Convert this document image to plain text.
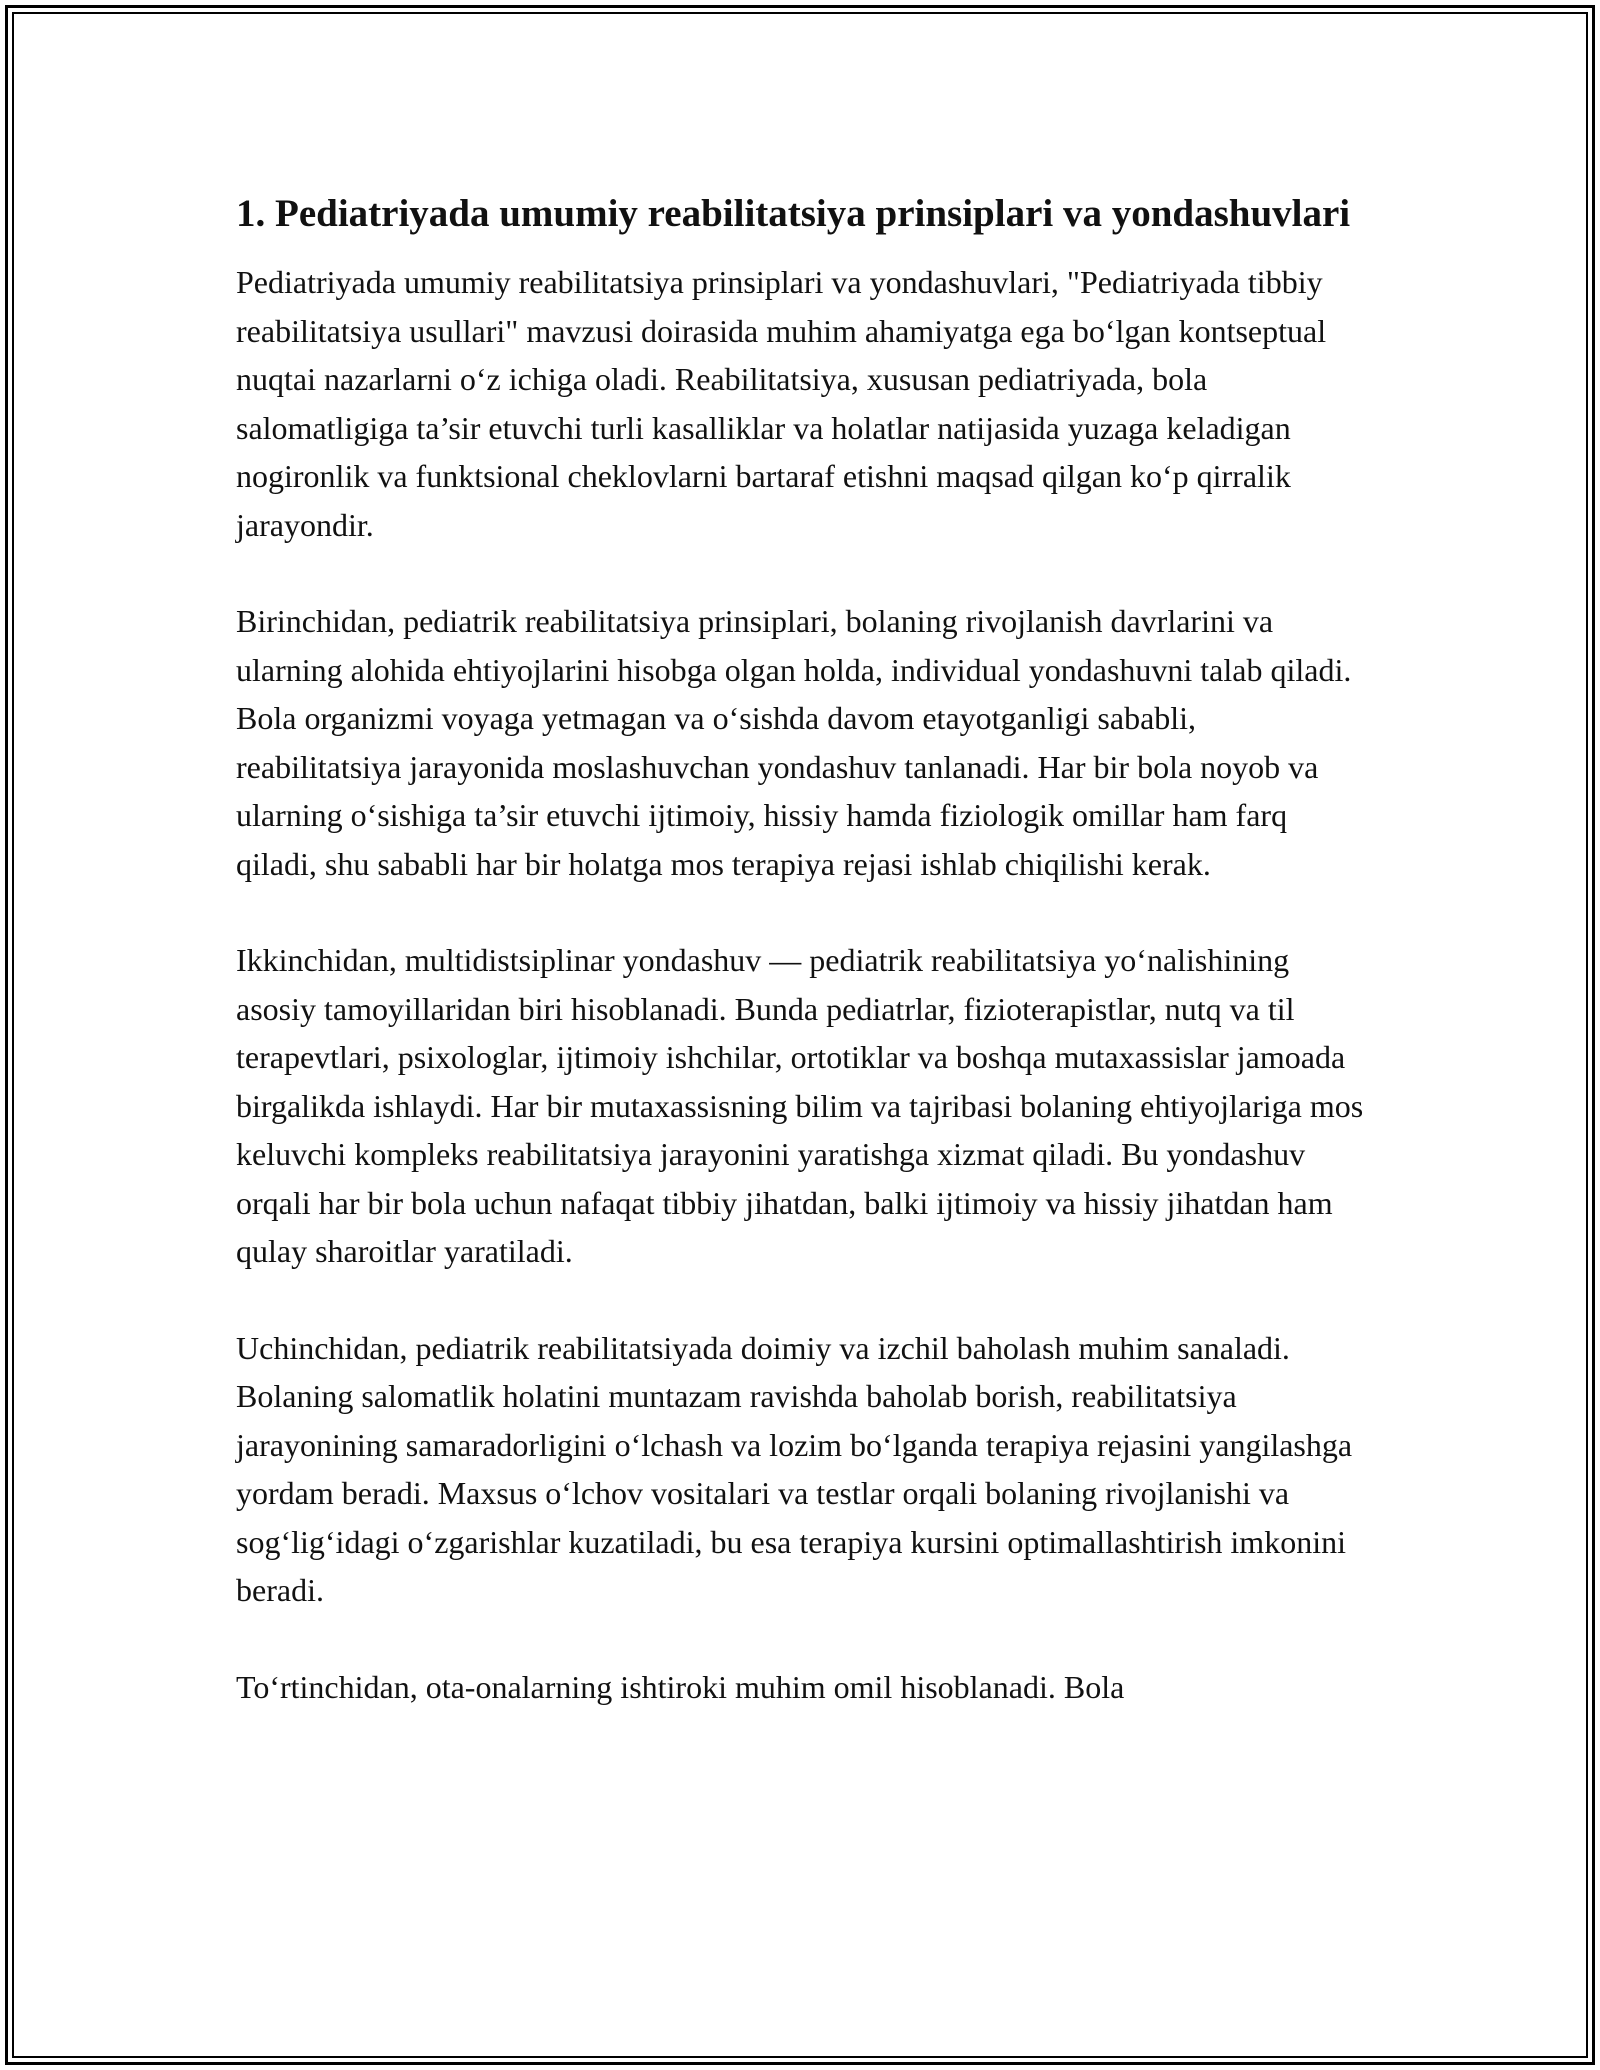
1. Pediatriyada umumiy reabilitatsiya prinsiplari va yondashuvlari

Pediatriyada umumiy reabilitatsiya prinsiplari va yondashuvlari, "Pediatriyada tibbiy reabilitatsiya usullari" mavzusi doirasida muhim ahamiyatga ega bo‘lgan kontseptual nuqtai nazarlarni o‘z ichiga oladi. Reabilitatsiya, xususan pediatriyada, bola salomatligiga ta’sir etuvchi turli kasalliklar va holatlar natijasida yuzaga keladigan nogironlik va funktsional cheklovlarni bartaraf etishni maqsad qilgan ko‘p qirralik jarayondir.

Birinchidan, pediatrik reabilitatsiya prinsiplari, bolaning rivojlanish davrlarini va ularning alohida ehtiyojlarini hisobga olgan holda, individual yondashuvni talab qiladi. Bola organizmi voyaga yetmagan va o‘sishda davom etayotganligi sababli, reabilitatsiya jarayonida moslashuvchan yondashuv tanlanadi. Har bir bola noyob va ularning o‘sishiga ta’sir etuvchi ijtimoiy, hissiy hamda fiziologik omillar ham farq qiladi, shu sababli har bir holatga mos terapiya rejasi ishlab chiqilishi kerak.

Ikkinchidan, multidistsiplinar yondashuv — pediatrik reabilitatsiya yo‘nalishining asosiy tamoyillaridan biri hisoblanadi. Bunda pediatrlar, fizioterapistlar, nutq va til terapevtlari, psixologlar, ijtimoiy ishchilar, ortotiklar va boshqa mutaxassislar jamoada birgalikda ishlaydi. Har bir mutaxassisning bilim va tajribasi bolaning ehtiyojlariga mos keluvchi kompleks reabilitatsiya jarayonini yaratishga xizmat qiladi. Bu yondashuv orqali har bir bola uchun nafaqat tibbiy jihatdan, balki ijtimoiy va hissiy jihatdan ham qulay sharoitlar yaratiladi.

Uchinchidan, pediatrik reabilitatsiyada doimiy va izchil baholash muhim sanaladi. Bolaning salomatlik holatini muntazam ravishda baholab borish, reabilitatsiya jarayonining samaradorligini o‘lchash va lozim bo‘lganda terapiya rejasini yangilashga yordam beradi. Maxsus o‘lchov vositalari va testlar orqali bolaning rivojlanishi va sog‘lig‘idagi o‘zgarishlar kuzatiladi, bu esa terapiya kursini optimallashtirish imkonini beradi.

To‘rtinchidan, ota-onalarning ishtiroki muhim omil hisoblanadi. Bola
